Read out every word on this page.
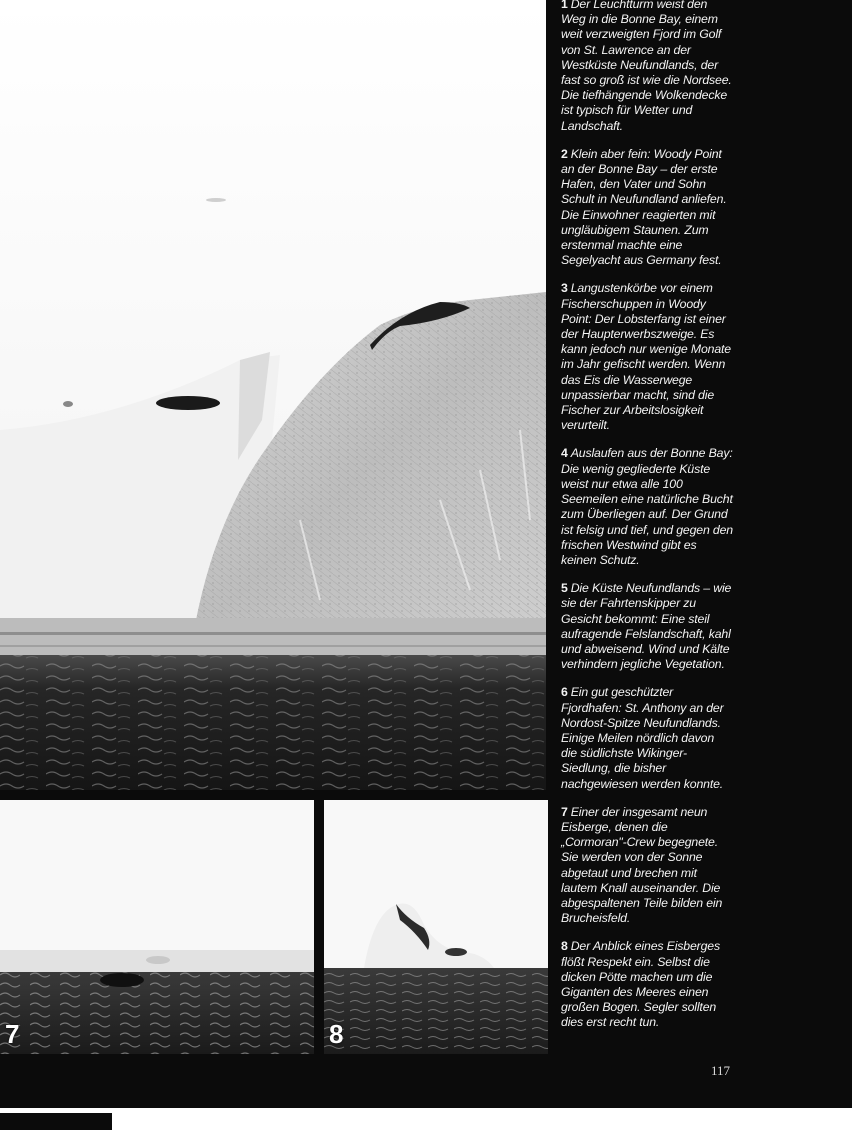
7	8

1 Der Leuchtturm weist den Weg in die Bonne Bay, einem weit verzweigten Fjord im Golf von St. Lawrence an der Westküste Neufundlands, der fast so groß ist wie die Nordsee. Die tiefhängende Wolkendecke ist typisch für Wetter und Landschaft.

2 Klein aber fein: Woody Point an der Bonne Bay – der erste Hafen, den Vater und Sohn Schult in Neufundland anliefen. Die Einwohner reagierten mit ungläubigem Staunen. Zum erstenmal machte eine Segelyacht aus Germany fest.

3 Langustenkörbe vor einem Fischerschuppen in Woody Point: Der Lobsterfang ist einer der Haupterwerbszweige. Es kann jedoch nur wenige Monate im Jahr gefischt werden. Wenn das Eis die Wasserwege unpassierbar macht, sind die Fischer zur Arbeitslosigkeit verurteilt.

4 Auslaufen aus der Bonne Bay: Die wenig gegliederte Küste weist nur etwa alle 100 Seemeilen eine natürliche Bucht zum Überliegen auf. Der Grund ist felsig und tief, und gegen den frischen Westwind gibt es keinen Schutz.

5 Die Küste Neufundlands – wie sie der Fahrtenskipper zu Gesicht bekommt: Eine steil aufragende Felslandschaft, kahl und abweisend. Wind und Kälte verhindern jegliche Vegetation.

6 Ein gut geschützter Fjordhafen: St. Anthony an der Nordost-Spitze Neufundlands. Einige Meilen nördlich davon die südlichste Wikinger-Siedlung, die bisher nachgewiesen werden konnte.

7 Einer der insgesamt neun Eisberge, denen die „Cormoran"-Crew begegnete. Sie werden von der Sonne abgetaut und brechen mit lautem Knall auseinander. Die abgespaltenen Teile bilden ein Brucheisfeld.

8 Der Anblick eines Eisberges flößt Respekt ein. Selbst die dicken Pötte machen um die Giganten des Meeres einen großen Bogen. Segler sollten dies erst recht tun.

117
